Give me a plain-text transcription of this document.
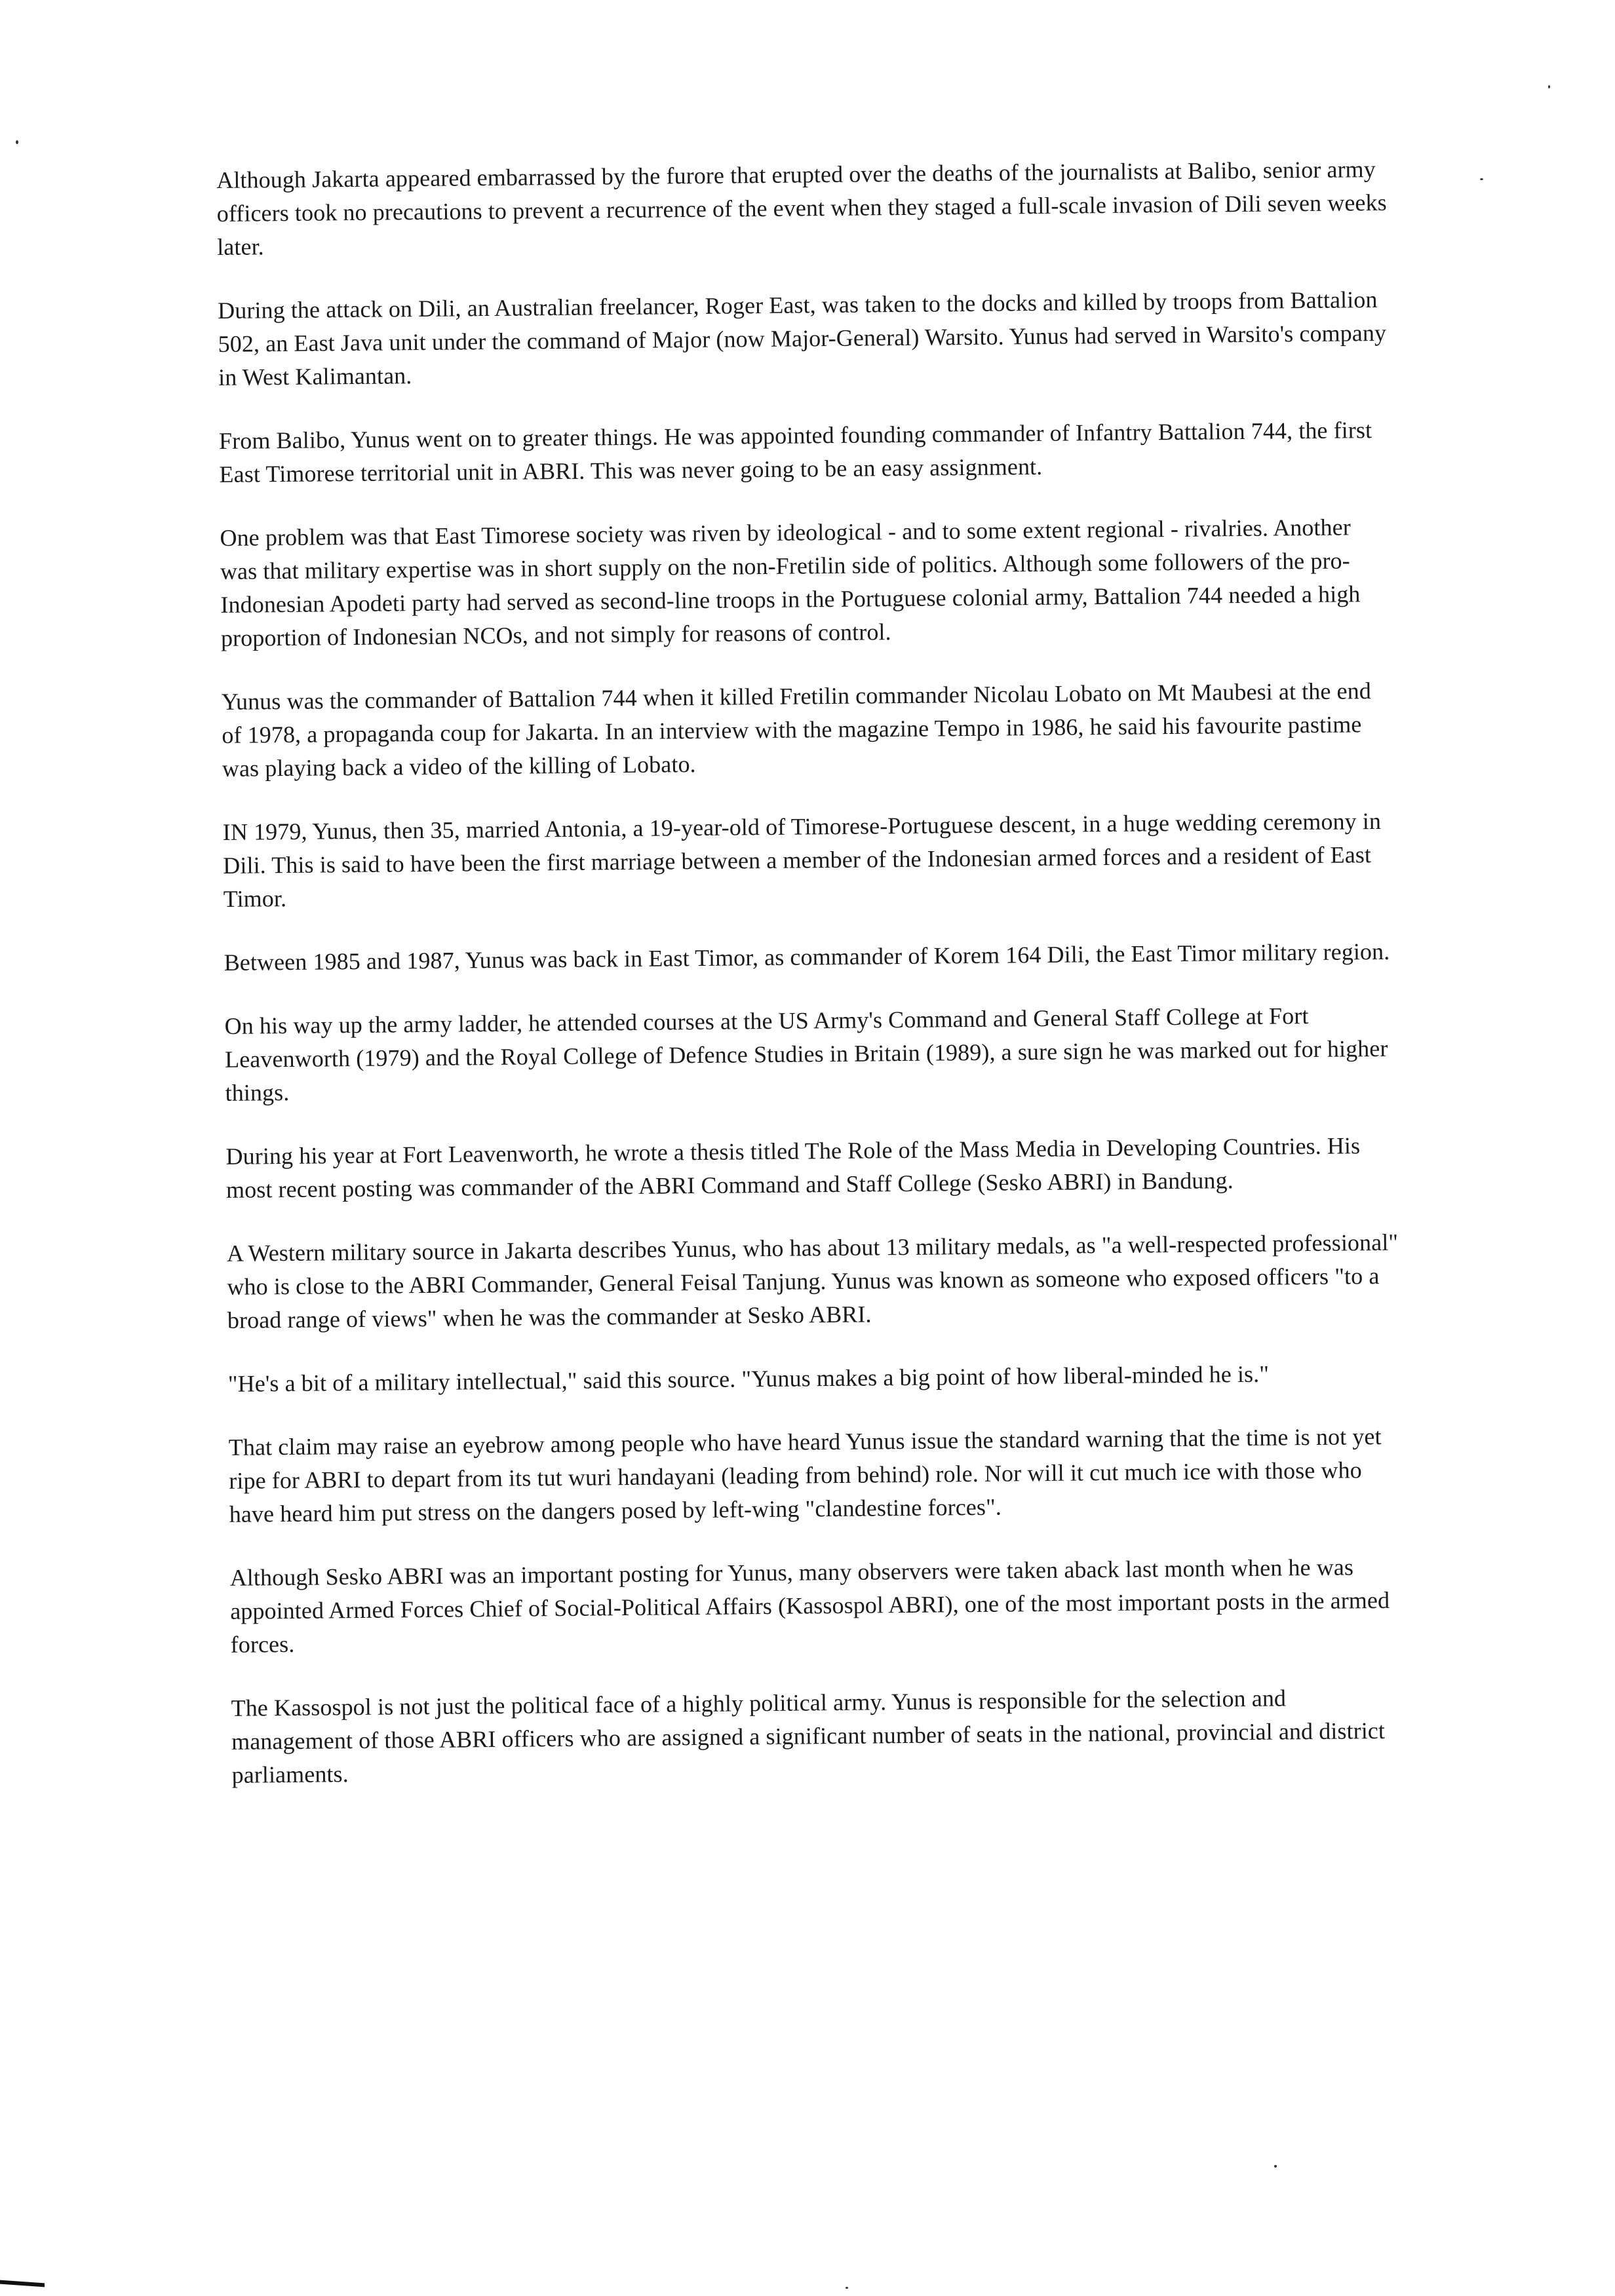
Although Jakarta appeared embarrassed by the furore that erupted over the deaths of the journalists at Balibo, senior army officers took no precautions to prevent a recurrence of the event when they staged a full-scale invasion of Dili seven weeks later.

During the attack on Dili, an Australian freelancer, Roger East, was taken to the docks and killed by troops from Battalion 502, an East Java unit under the command of Major (now Major-General) Warsito. Yunus had served in Warsito's company in West Kalimantan.

From Balibo, Yunus went on to greater things. He was appointed founding commander of Infantry Battalion 744, the first East Timorese territorial unit in ABRI. This was never going to be an easy assignment.

One problem was that East Timorese society was riven by ideological - and to some extent regional - rivalries. Another was that military expertise was in short supply on the non-Fretilin side of politics. Although some followers of the pro-Indonesian Apodeti party had served as second-line troops in the Portuguese colonial army, Battalion 744 needed a high proportion of Indonesian NCOs, and not simply for reasons of control.

Yunus was the commander of Battalion 744 when it killed Fretilin commander Nicolau Lobato on Mt Maubesi at the end of 1978, a propaganda coup for Jakarta. In an interview with the magazine Tempo in 1986, he said his favourite pastime was playing back a video of the killing of Lobato.

IN 1979, Yunus, then 35, married Antonia, a 19-year-old of Timorese-Portuguese descent, in a huge wedding ceremony in Dili. This is said to have been the first marriage between a member of the Indonesian armed forces and a resident of East Timor.

Between 1985 and 1987, Yunus was back in East Timor, as commander of Korem 164 Dili, the East Timor military region.

On his way up the army ladder, he attended courses at the US Army's Command and General Staff College at Fort Leavenworth (1979) and the Royal College of Defence Studies in Britain (1989), a sure sign he was marked out for higher things.

During his year at Fort Leavenworth, he wrote a thesis titled The Role of the Mass Media in Developing Countries. His most recent posting was commander of the ABRI Command and Staff College (Sesko ABRI) in Bandung.

A Western military source in Jakarta describes Yunus, who has about 13 military medals, as "a well-respected professional" who is close to the ABRI Commander, General Feisal Tanjung. Yunus was known as someone who exposed officers "to a broad range of views" when he was the commander at Sesko ABRI.

"He's a bit of a military intellectual," said this source. "Yunus makes a big point of how liberal-minded he is."

That claim may raise an eyebrow among people who have heard Yunus issue the standard warning that the time is not yet ripe for ABRI to depart from its tut wuri handayani (leading from behind) role. Nor will it cut much ice with those who have heard him put stress on the dangers posed by left-wing "clandestine forces".

Although Sesko ABRI was an important posting for Yunus, many observers were taken aback last month when he was appointed Armed Forces Chief of Social-Political Affairs (Kassospol ABRI), one of the most important posts in the armed forces.

The Kassospol is not just the political face of a highly political army. Yunus is responsible for the selection and management of those ABRI officers who are assigned a significant number of seats in the national, provincial and district parliaments.
